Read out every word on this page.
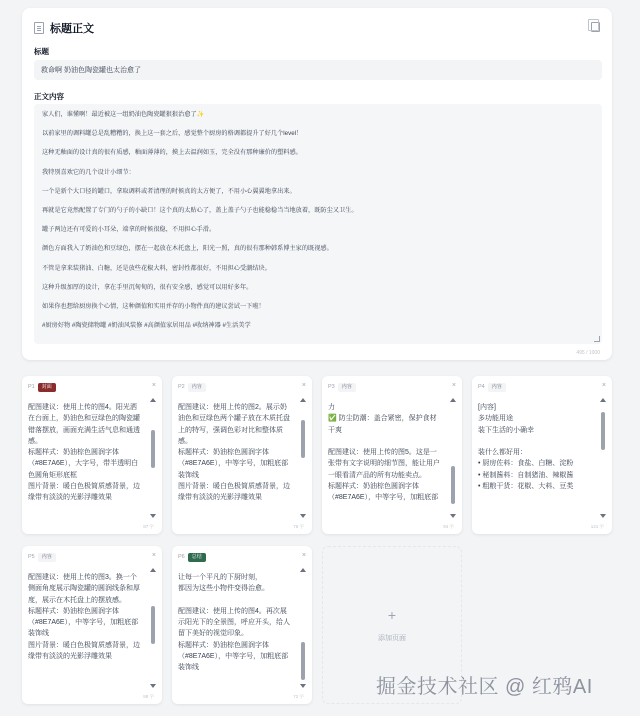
标题正文
标题
救命啊 奶油色陶瓷罐也太治愈了
正文内容
家人们，谁懂啊！最近被这一组奶油色陶瓷罐狠狠治愈了✨
以前家里的调料罐总是乱糟糟的，换上这一套之后，感觉整个厨房的格调都提升了好几个level！
这种无釉面的设计真的很有质感，釉面薄薄的，摸上去温润如玉，完全没有那种廉价的塑料感。
我特别喜欢它的几个设计小细节：
一个是新个大口径的罐口，拿取调料或者清理的时候真的太方便了，不用小心翼翼地拿出来。
再就是它竟然配置了专门的勺子的小缺口！这个真的太贴心了，盖上盖子勺子也能稳稳当当地放着，既防尘又卫生。
罐子两边还有可爱的小耳朵，端拿的时候很稳，不用担心手滑。
颜色方面我入了奶油色和豆绿色，摆在一起放在木托盘上，阳光一照，真的很有那种韩系博主家的既视感。
不管是拿来装猪油、白糖，还是放些花椒大料，密封性都很好，不用担心受潮结块。
这种升级加厚的设计，拿在手里沉甸甸的，很有安全感，感觉可以用好多年。
如果你也想给厨房换个心情，这种颜值和实用并存的小物件真的建议尝试一下啦！
#厨房好物 #陶瓷储物罐 #奶油风装修 #高颜值家居用品 #收纳神器 #生活美学
495 / 1000
P1	封面	×
配图建议：使用上传的图4。阳光洒
在台面上，奶油色和豆绿色的陶瓷罐
错落摆放，画面充满生活气息和通透
感。
标题样式：奶油棕色圆润字体
（#8E7A6E），大字号，带半透明白
色圆角矩形底框
图片背景：暖白色极简质感背景，边
缘带有淡淡的光影浮雕效果
87 字
P2	内容	×
配图建议：使用上传的图2。展示奶
油色和豆绿色两个罐子放在木质托盘
上的特写，强调色彩对比和整体质
感。
标题样式：奶油棕色圆润字体
（#8E7A6E），中等字号，加粗底部
装饰线
图片背景：暖白色极简质感背景，边
缘带有淡淡的光影浮雕效果
76 字
P3	内容	×
力
✅ 防尘防潮：盖合紧密，保护食材
干爽

配图建议：使用上传的图5。这是一
张带有文字说明的细节图，能让用户
一眼看清产品的所有功能卖点。
标题样式：奶油棕色圆润字体
（#8E7A6E），中等字号，加粗底部
94 字
P4	内容	×
[内容]
多功能用途
装下生活的小确幸

装什么都好用：
• 厨房佐料：食盐、白糖、淀粉
• 秘制酱料：自制猪油、辣椒酱
• 粗粮干货：花椒、大料、豆类
121 字
P5	内容	×
配图建议：使用上传的图3。换一个
侧面角度展示陶瓷罐的圆润线条和厚
度，展示在木托盘上的摆放感。
标题样式：奶油棕色圆润字体
（#8E7A6E），中等字号，加粗底部
装饰线
图片背景：暖白色极简质感背景，边
缘带有淡淡的光影浮雕效果
88 字
P6	总结	×
让每一个平凡的下厨时刻，
都因为这些小物件变得治愈。

配图建议：使用上传的图4。再次展
示阳光下的全景图，呼应开头，给人
留下美好的视觉印象。
标题样式：奶油棕色圆润字体
（#8E7A6E），中等字号，加粗底部
装饰线
72 字
+
添加页面
掘金技术社区 @ 红鸦AI
